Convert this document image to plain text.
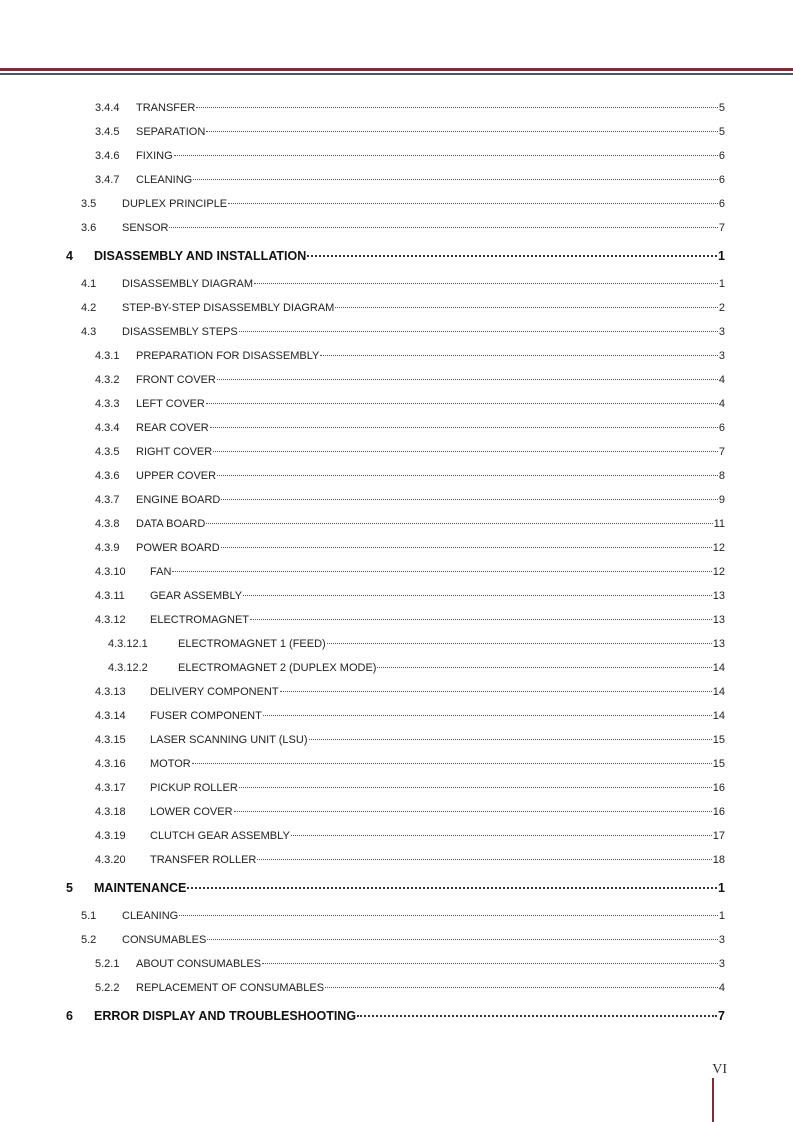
3.4.4 TRANSFER	5
3.4.5 SEPARATION	5
3.4.6 FIXING	6
3.4.7 CLEANING	6
3.5 DUPLEX PRINCIPLE	6
3.6 SENSOR	7
4 DISASSEMBLY AND INSTALLATION	1
4.1 DISASSEMBLY DIAGRAM	1
4.2 STEP-BY-STEP DISASSEMBLY DIAGRAM	2
4.3 DISASSEMBLY STEPS	3
4.3.1 PREPARATION FOR DISASSEMBLY	3
4.3.2 FRONT COVER	4
4.3.3 LEFT COVER	4
4.3.4 REAR COVER	6
4.3.5 RIGHT COVER	7
4.3.6 UPPER COVER	8
4.3.7 ENGINE BOARD	9
4.3.8 DATA BOARD	11
4.3.9 POWER BOARD	12
4.3.10 FAN	12
4.3.11 GEAR ASSEMBLY	13
4.3.12 ELECTROMAGNET	13
4.3.12.1	ELECTROMAGNET 1 (FEED)	13
4.3.12.2	ELECTROMAGNET 2 (DUPLEX MODE)	14
4.3.13 DELIVERY COMPONENT	14
4.3.14 FUSER COMPONENT	14
4.3.15 LASER SCANNING UNIT (LSU)	15
4.3.16 MOTOR	15
4.3.17 PICKUP ROLLER	16
4.3.18 LOWER COVER	16
4.3.19 CLUTCH GEAR ASSEMBLY	17
4.3.20 TRANSFER ROLLER	18
5 MAINTENANCE	1
5.1 CLEANING	1
5.2 CONSUMABLES	3
5.2.1 ABOUT CONSUMABLES	3
5.2.2 REPLACEMENT OF CONSUMABLES	4
6 ERROR DISPLAY AND TROUBLESHOOTING	7
VI
